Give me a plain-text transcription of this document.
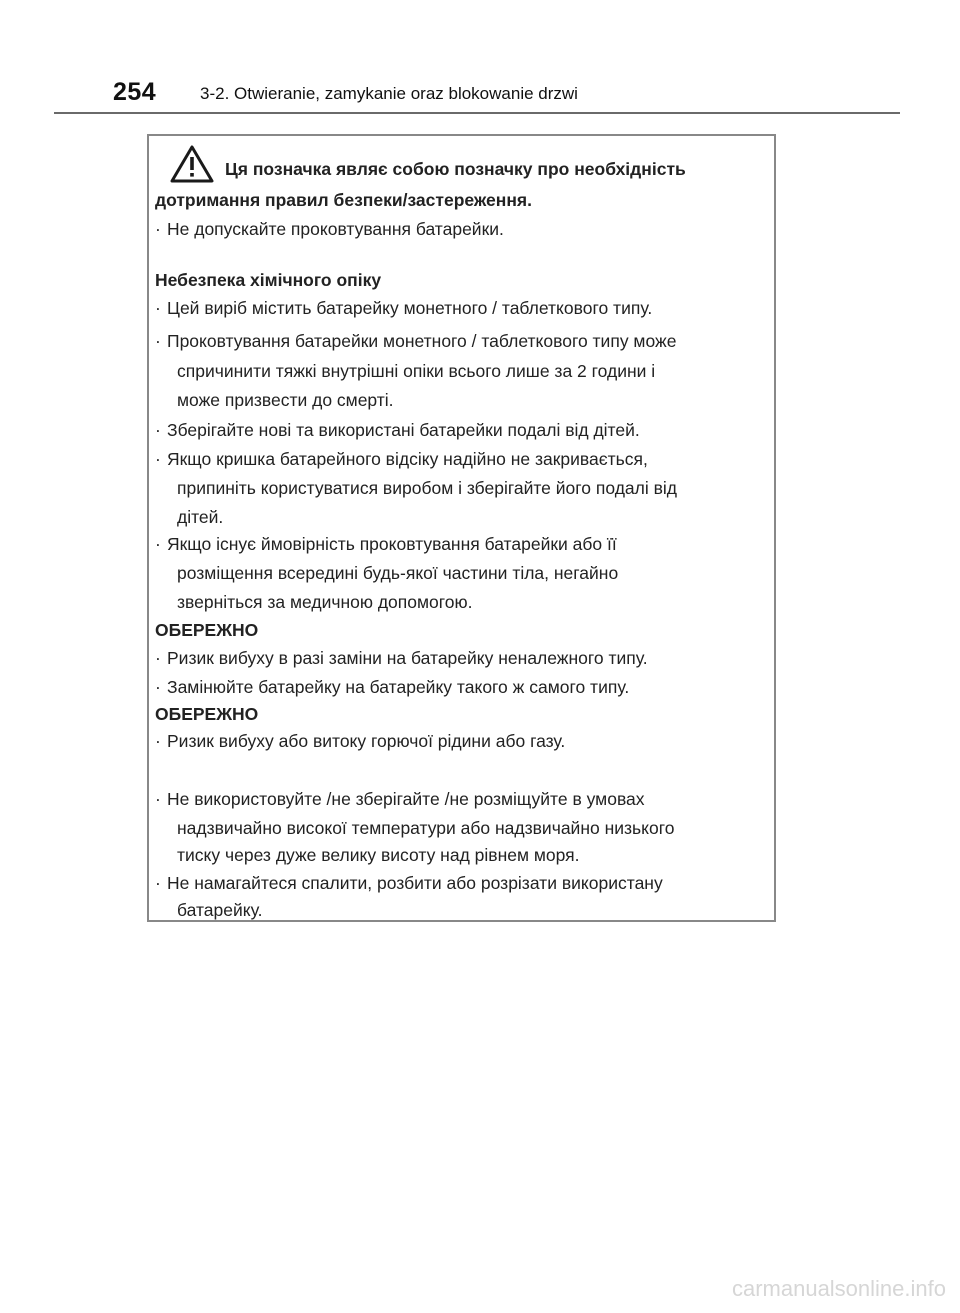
254	3-2. Otwieranie, zamykanie oraz blokowanie drzwi
Ця позначка являє собою позначку про необхідність
дотримання правил безпеки/застереження.
· Не допускайте проковтування батарейки.
Небезпека хімічного опіку
· Цей виріб містить батарейку монетного / таблеткового типу.
· Проковтування батарейки монетного / таблеткового типу може
спричинити тяжкі внутрішні опіки всього лише за 2 години і
може призвести до смерті.
· Зберігайте нові та використані батарейки подалі від дітей.
· Якщо кришка батарейного відсіку надійно не закривається,
припиніть користуватися виробом і зберігайте його подалі від
дітей.
· Якщо існує ймовірність проковтування батарейки або її
розміщення всередині будь-якої частини тіла, негайно
зверніться за медичною допомогою.
ОБЕРЕЖНО
· Ризик вибуху в разі заміни на батарейку неналежного типу.
· Замінюйте батарейку на батарейку такого ж самого типу.
ОБЕРЕЖНО
· Ризик вибуху або витоку горючої рідини або газу.
· Не використовуйте /не зберігайте /не розміщуйте в умовах
надзвичайно високої температури або надзвичайно низького
тиску через дуже велику висоту над рівнем моря.
· Не намагайтеся спалити, розбити або розрізати використану
батарейку.
carmanualsonline.info
